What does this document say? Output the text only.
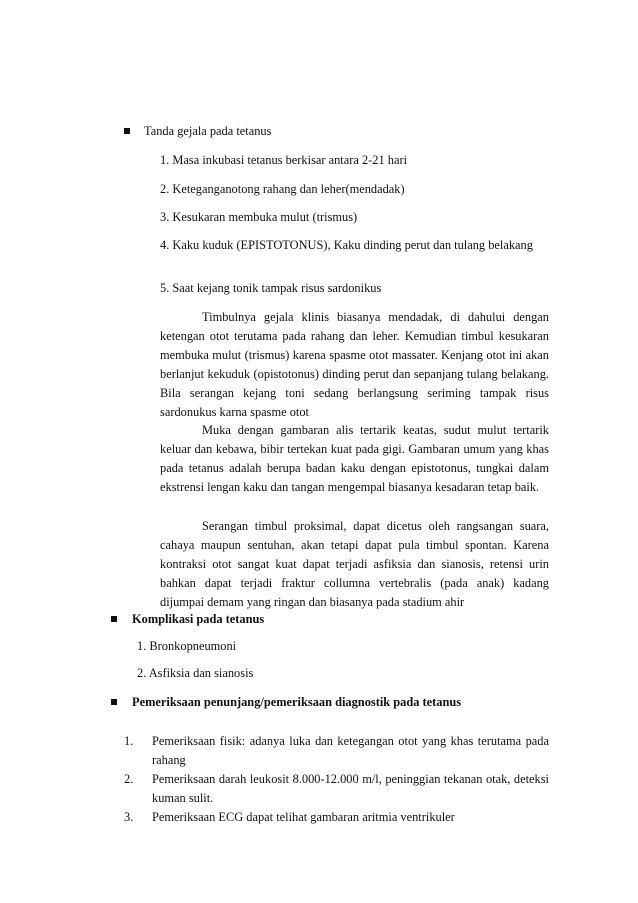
Tanda gejala pada tetanus
1. Masa inkubasi tetanus berkisar antara 2-21 hari
2. Keteganganotong rahang dan leher(mendadak)
3. Kesukaran membuka mulut (trismus)
4. Kaku kuduk (EPISTOTONUS), Kaku dinding perut dan tulang belakang
5. Saat kejang tonik tampak risus sardonikus
Timbulnya gejala klinis biasanya mendadak, di dahului dengan ketengan otot terutama pada rahang dan leher. Kemudian timbul kesukaran membuka mulut (trismus) karena spasme otot massater. Kenjang otot ini akan berlanjut kekuduk (opistotonus) dinding perut dan sepanjang tulang belakang. Bila serangan kejang toni sedang berlangsung seriming tampak risus sardonukus karna spasme otot
Muka dengan gambaran alis tertarik keatas, sudut mulut tertarik keluar dan kebawa, bibir tertekan kuat pada gigi. Gambaran umum yang khas pada tetanus adalah berupa badan kaku dengan epistotonus, tungkai dalam ekstrensi lengan kaku dan tangan mengempal biasanya kesadaran tetap baik.
Serangan timbul proksimal, dapat dicetus oleh rangsangan suara, cahaya maupun sentuhan, akan tetapi dapat pula timbul spontan. Karena kontraksi otot sangat kuat dapat terjadi asfiksia dan sianosis, retensi urin bahkan dapat terjadi fraktur collumna vertebralis (pada anak) kadang dijumpai demam yang ringan dan biasanya pada stadium ahir
Komplikasi pada tetanus
1. Bronkopneumoni
2. Asfiksia dan sianosis
Pemeriksaan penunjang/pemeriksaan diagnostik pada tetanus
1.	Pemeriksaan fisik: adanya luka dan ketegangan otot yang khas terutama pada rahang
2.	Pemeriksaan darah leukosit 8.000-12.000 m/l, peninggian tekanan otak, deteksi kuman sulit.
3.	Pemeriksaan ECG dapat telihat gambaran aritmia ventrikuler
